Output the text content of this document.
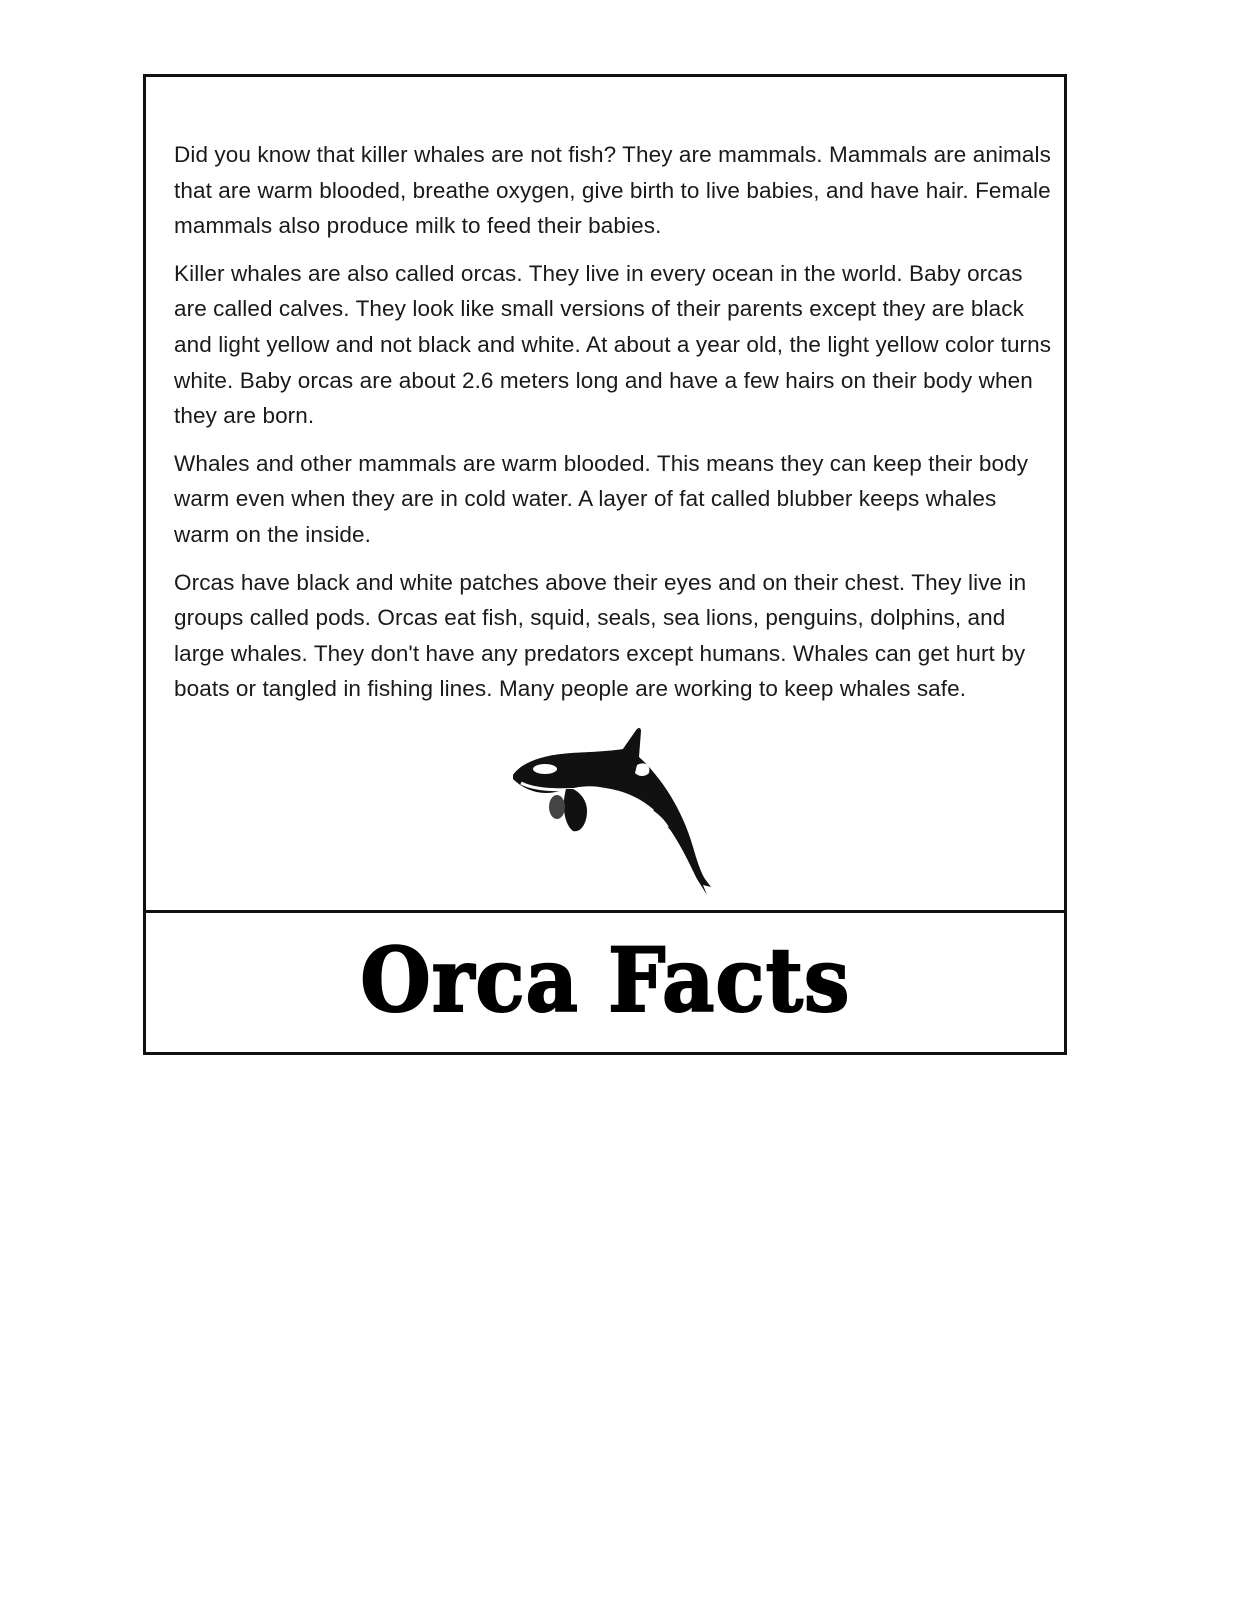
Did you know that killer whales are not fish? They are mammals. Mammals are animals that are warm blooded, breathe oxygen, give birth to live babies, and have hair. Female mammals also produce milk to feed their babies.

Killer whales are also called orcas. They live in every ocean in the world. Baby orcas are called calves. They look like small versions of their parents except they are black and light yellow and not black and white. At about a year old, the light yellow color turns white. Baby orcas are about 2.6 meters long and have a few hairs on their body when they are born.

Whales and other mammals are warm blooded. This means they can keep their body warm even when they are in cold water. A layer of fat called blubber keeps whales warm on the inside.

Orcas have black and white patches above their eyes and on their chest. They live in groups called pods. Orcas eat fish, squid, seals, sea lions, penguins, dolphins, and large whales. They don't have any predators except humans. Whales can get hurt by boats or tangled in fishing lines. Many people are working to keep whales safe.

Orca Facts
